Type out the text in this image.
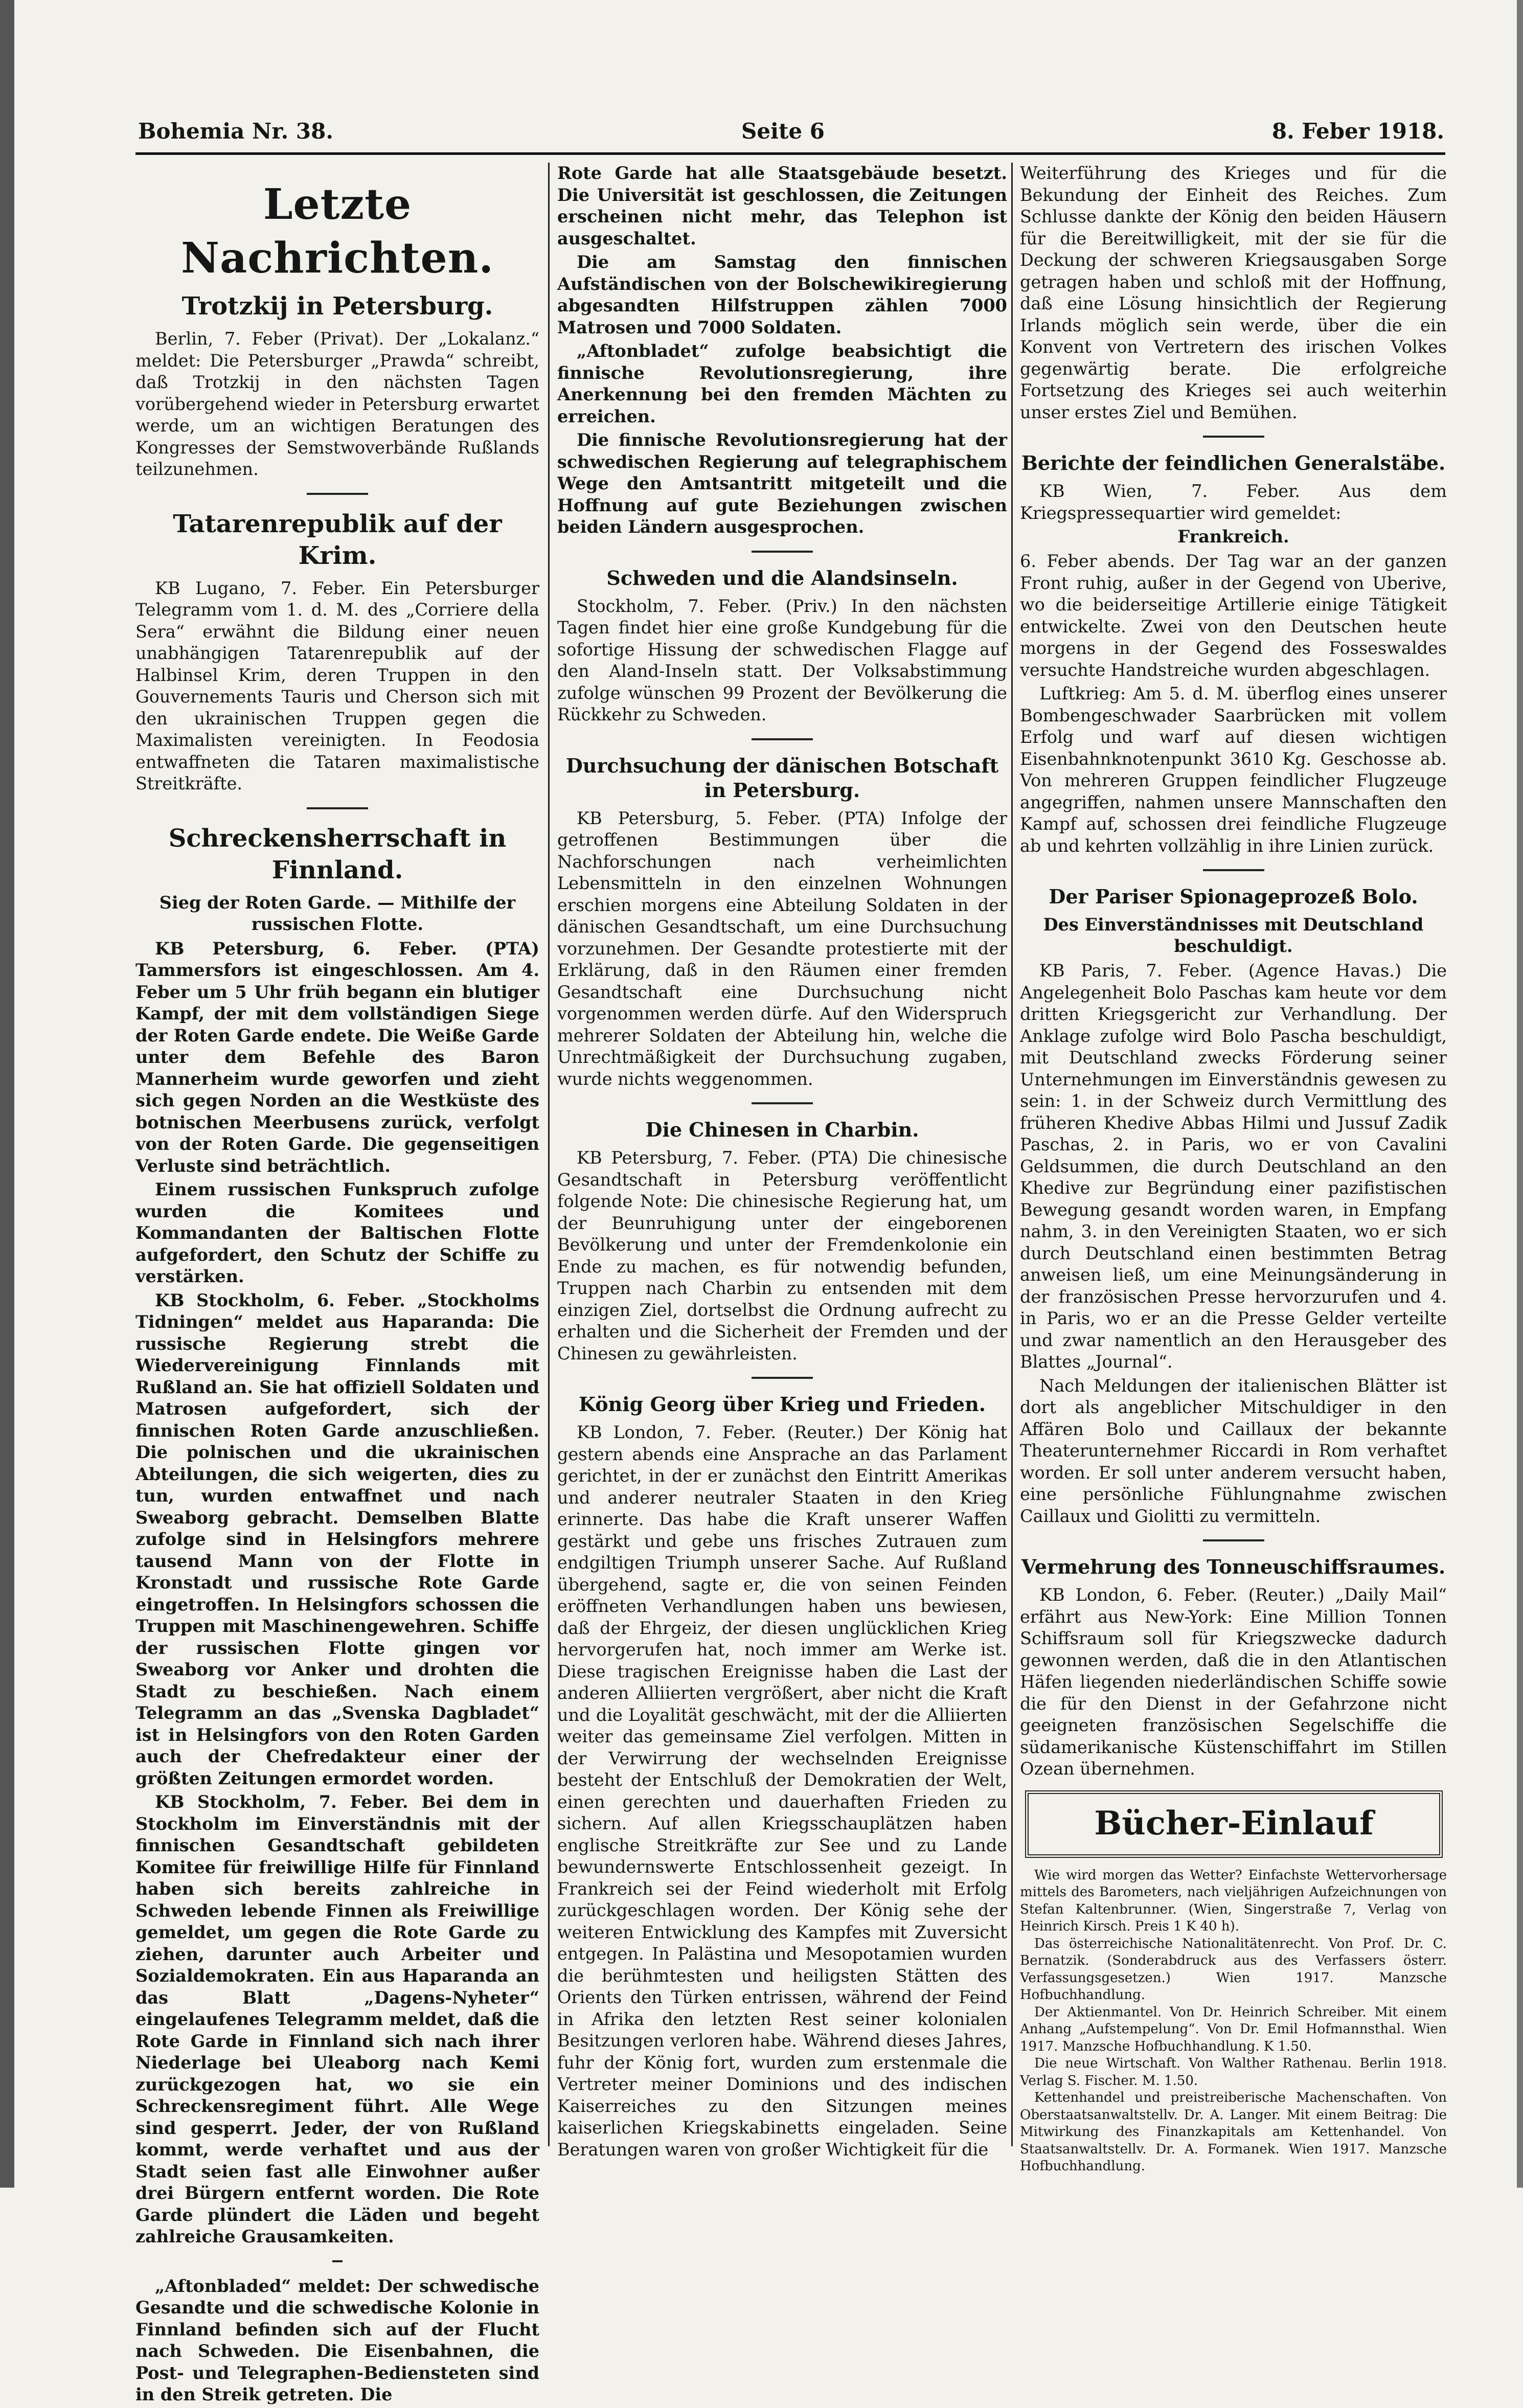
Bohemia Nr. 38.	Seite 6	8. Feber 1918.
Letzte Nachrichten.
Trotzkij in Petersburg.

Berlin, 7. Feber (Privat). Der „Lokalanz.“ meldet: Die Petersburger „Prawda“ schreibt, daß Trotzkij in den nächsten Tagen vorübergehend wieder in Petersburg erwartet werde, um an wichtigen Beratungen des Kongresses der Semstwoverbände Rußlands teilzunehmen.

Tatarenrepublik auf der Krim.

KB Lugano, 7. Feber. Ein Petersburger Telegramm vom 1. d. M. des „Corriere della Sera“ erwähnt die Bildung einer neuen unabhängigen Tatarenrepublik auf der Halbinsel Krim, deren Truppen in den Gouvernements Tauris und Cherson sich mit den ukrainischen Truppen gegen die Maximalisten vereinigten. In Feodosia entwaffneten die Tataren maximalistische Streitkräfte.

Schreckensherrschaft in Finnland.
Sieg der Roten Garde. — Mithilfe der russischen Flotte.

KB Petersburg, 6. Feber. (PTA) Tammersfors ist eingeschlossen. Am 4. Feber um 5 Uhr früh begann ein blutiger Kampf, der mit dem vollständigen Siege der Roten Garde endete. Die Weiße Garde unter dem Befehle des Baron Mannerheim wurde geworfen und zieht sich gegen Norden an die Westküste des botnischen Meerbusens zurück, verfolgt von der Roten Garde. Die gegenseitigen Verluste sind beträchtlich.

Einem russischen Funkspruch zufolge wurden die Komitees und Kommandanten der Baltischen Flotte aufgefordert, den Schutz der Schiffe zu verstärken.

KB Stockholm, 6. Feber. „Stockholms Tidningen“ meldet aus Haparanda: Die russische Regierung strebt die Wiedervereinigung Finnlands mit Rußland an. Sie hat offiziell Soldaten und Matrosen aufgefordert, sich der finnischen Roten Garde anzuschließen. Die polnischen und die ukrainischen Abteilungen, die sich weigerten, dies zu tun, wurden entwaffnet und nach Sweaborg gebracht. Demselben Blatte zufolge sind in Helsingfors mehrere tausend Mann von der Flotte in Kronstadt und russische Rote Garde eingetroffen. In Helsingfors schossen die Truppen mit Maschinengewehren. Schiffe der russischen Flotte gingen vor Sweaborg vor Anker und drohten die Stadt zu beschießen. Nach einem Telegramm an das „Svenska Dagbladet“ ist in Helsingfors von den Roten Garden auch der Chefredakteur einer der größten Zeitungen ermordet worden.

KB Stockholm, 7. Feber. Bei dem in Stockholm im Einverständnis mit der finnischen Gesandtschaft gebildeten Komitee für freiwillige Hilfe für Finnland haben sich bereits zahlreiche in Schweden lebende Finnen als Freiwillige gemeldet, um gegen die Rote Garde zu ziehen, darunter auch Arbeiter und Sozialdemokraten. Ein aus Haparanda an das Blatt „Dagens-Nyheter“ eingelaufenes Telegramm meldet, daß die Rote Garde in Finnland sich nach ihrer Niederlage bei Uleaborg nach Kemi zurückgezogen hat, wo sie ein Schreckensregiment führt. Alle Wege sind gesperrt. Jeder, der von Rußland kommt, werde verhaftet und aus der Stadt seien fast alle Einwohner außer drei Bürgern entfernt worden. Die Rote Garde plündert die Läden und begeht zahlreiche Grausamkeiten.

„Aftonbladed“ meldet: Der schwedische Gesandte und die schwedische Kolonie in Finnland befinden sich auf der Flucht nach Schweden. Die Eisenbahnen, die Post- und Telegraphen-Bediensteten sind in den Streik getreten. Die

Rote Garde hat alle Staatsgebäude besetzt. Die Universität ist geschlossen, die Zeitungen erscheinen nicht mehr, das Telephon ist ausgeschaltet.

Die am Samstag den finnischen Aufständischen von der Bolschewikiregierung abgesandten Hilfstruppen zählen 7000 Matrosen und 7000 Soldaten.

„Aftonbladet“ zufolge beabsichtigt die finnische Revolutionsregierung, ihre Anerkennung bei den fremden Mächten zu erreichen.

Die finnische Revolutionsregierung hat der schwedischen Regierung auf telegraphischem Wege den Amtsantritt mitgeteilt und die Hoffnung auf gute Beziehungen zwischen beiden Ländern ausgesprochen.

Schweden und die Alandsinseln.

Stockholm, 7. Feber. (Priv.) In den nächsten Tagen findet hier eine große Kundgebung für die sofortige Hissung der schwedischen Flagge auf den Aland-Inseln statt. Der Volksabstimmung zufolge wünschen 99 Prozent der Bevölkerung die Rückkehr zu Schweden.

Durchsuchung der dänischen Botschaft in Petersburg.

KB Petersburg, 5. Feber. (PTA) Infolge der getroffenen Bestimmungen über die Nachforschungen nach verheimlichten Lebensmitteln in den einzelnen Wohnungen erschien morgens eine Abteilung Soldaten in der dänischen Gesandtschaft, um eine Durchsuchung vorzunehmen. Der Gesandte protestierte mit der Erklärung, daß in den Räumen einer fremden Gesandtschaft eine Durchsuchung nicht vorgenommen werden dürfe. Auf den Widerspruch mehrerer Soldaten der Abteilung hin, welche die Unrechtmäßigkeit der Durchsuchung zugaben, wurde nichts weggenommen.

Die Chinesen in Charbin.

KB Petersburg, 7. Feber. (PTA) Die chinesische Gesandtschaft in Petersburg veröffentlicht folgende Note: Die chinesische Regierung hat, um der Beunruhigung unter der eingeborenen Bevölkerung und unter der Fremdenkolonie ein Ende zu machen, es für notwendig befunden, Truppen nach Charbin zu entsenden mit dem einzigen Ziel, dortselbst die Ordnung aufrecht zu erhalten und die Sicherheit der Fremden und der Chinesen zu gewährleisten.

König Georg über Krieg und Frieden.

KB London, 7. Feber. (Reuter.) Der König hat gestern abends eine Ansprache an das Parlament gerichtet, in der er zunächst den Eintritt Amerikas und anderer neutraler Staaten in den Krieg erinnerte. Das habe die Kraft unserer Waffen gestärkt und gebe uns frisches Zutrauen zum endgiltigen Triumph unserer Sache. Auf Rußland übergehend, sagte er, die von seinen Feinden eröffneten Verhandlungen haben uns bewiesen, daß der Ehrgeiz, der diesen unglücklichen Krieg hervorgerufen hat, noch immer am Werke ist. Diese tragischen Ereignisse haben die Last der anderen Alliierten vergrößert, aber nicht die Kraft und die Loyalität geschwächt, mit der die Alliierten weiter das gemeinsame Ziel verfolgen. Mitten in der Verwirrung der wechselnden Ereignisse besteht der Entschluß der Demokratien der Welt, einen gerechten und dauerhaften Frieden zu sichern. Auf allen Kriegsschauplätzen haben englische Streitkräfte zur See und zu Lande bewundernswerte Entschlossenheit gezeigt. In Frankreich sei der Feind wiederholt mit Erfolg zurückgeschlagen worden. Der König sehe der weiteren Entwicklung des Kampfes mit Zuversicht entgegen. In Palästina und Mesopotamien wurden die berühmtesten und heiligsten Stätten des Orients den Türken entrissen, während der Feind in Afrika den letzten Rest seiner kolonialen Besitzungen verloren habe. Während dieses Jahres, fuhr der König fort, wurden zum erstenmale die Vertreter meiner Dominions und des indischen Kaiserreiches zu den Sitzungen meines kaiserlichen Kriegskabinetts eingeladen. Seine Beratungen waren von großer Wichtigkeit für die

Weiterführung des Krieges und für die Bekundung der Einheit des Reiches. Zum Schlusse dankte der König den beiden Häusern für die Bereitwilligkeit, mit der sie für die Deckung der schweren Kriegsausgaben Sorge getragen haben und schloß mit der Hoffnung, daß eine Lösung hinsichtlich der Regierung Irlands möglich sein werde, über die ein Konvent von Vertretern des irischen Volkes gegenwärtig berate. Die erfolgreiche Fortsetzung des Krieges sei auch weiterhin unser erstes Ziel und Bemühen.

Berichte der feindlichen Generalstäbe.

KB Wien, 7. Feber. Aus dem Kriegspressequartier wird gemeldet:

Frankreich.

6. Feber abends. Der Tag war an der ganzen Front ruhig, außer in der Gegend von Uberive, wo die beiderseitige Artillerie einige Tätigkeit entwickelte. Zwei von den Deutschen heute morgens in der Gegend des Fosseswaldes versuchte Handstreiche wurden abgeschlagen.

Luftkrieg: Am 5. d. M. überflog eines unserer Bombengeschwader Saarbrücken mit vollem Erfolg und warf auf diesen wichtigen Eisenbahnknotenpunkt 3610 Kg. Geschosse ab. Von mehreren Gruppen feindlicher Flugzeuge angegriffen, nahmen unsere Mannschaften den Kampf auf, schossen drei feindliche Flugzeuge ab und kehrten vollzählig in ihre Linien zurück.

Der Pariser Spionageprozeß Bolo.
Des Einverständnisses mit Deutschland beschuldigt.

KB Paris, 7. Feber. (Agence Havas.) Die Angelegenheit Bolo Paschas kam heute vor dem dritten Kriegsgericht zur Verhandlung. Der Anklage zufolge wird Bolo Pascha beschuldigt, mit Deutschland zwecks Förderung seiner Unternehmungen im Einverständnis gewesen zu sein: 1. in der Schweiz durch Vermittlung des früheren Khedive Abbas Hilmi und Jussuf Zadik Paschas, 2. in Paris, wo er von Cavalini Geldsummen, die durch Deutschland an den Khedive zur Begründung einer pazifistischen Bewegung gesandt worden waren, in Empfang nahm, 3. in den Vereinigten Staaten, wo er sich durch Deutschland einen bestimmten Betrag anweisen ließ, um eine Meinungsänderung in der französischen Presse hervorzurufen und 4. in Paris, wo er an die Presse Gelder verteilte und zwar namentlich an den Herausgeber des Blattes „Journal“.

Nach Meldungen der italienischen Blätter ist dort als angeblicher Mitschuldiger in den Affären Bolo und Caillaux der bekannte Theaterunternehmer Riccardi in Rom verhaftet worden. Er soll unter anderem versucht haben, eine persönliche Fühlungnahme zwischen Caillaux und Giolitti zu vermitteln.

Vermehrung des Tonneuschiffsraumes.

KB London, 6. Feber. (Reuter.) „Daily Mail“ erfährt aus New-York: Eine Million Tonnen Schiffsraum soll für Kriegszwecke dadurch gewonnen werden, daß die in den Atlantischen Häfen liegenden niederländischen Schiffe sowie die für den Dienst in der Gefahrzone nicht geeigneten französischen Segelschiffe die südamerikanische Küstenschiffahrt im Stillen Ozean übernehmen.

Bücher-Einlauf

Wie wird morgen das Wetter? Einfachste Wettervorhersage mittels des Barometers, nach vieljährigen Aufzeichnungen von Stefan Kaltenbrunner. (Wien, Singerstraße 7, Verlag von Heinrich Kirsch. Preis 1 K 40 h).

Das österreichische Nationalitätenrecht. Von Prof. Dr. C. Bernatzik. (Sonderabdruck aus des Verfassers österr. Verfassungsgesetzen.) Wien 1917. Manzsche Hofbuchhandlung.

Der Aktienmantel. Von Dr. Heinrich Schreiber. Mit einem Anhang „Aufstempelung“. Von Dr. Emil Hofmannsthal. Wien 1917. Manzsche Hofbuchhandlung. K 1.50.

Die neue Wirtschaft. Von Walther Rathenau. Berlin 1918. Verlag S. Fischer. M. 1.50.

Kettenhandel und preistreiberische Machenschaften. Von Oberstaatsanwaltstellv. Dr. A. Langer. Mit einem Beitrag: Die Mitwirkung des Finanzkapitals am Kettenhandel. Von Staatsanwaltstellv. Dr. A. Formanek. Wien 1917. Manzsche Hofbuchhandlung.
